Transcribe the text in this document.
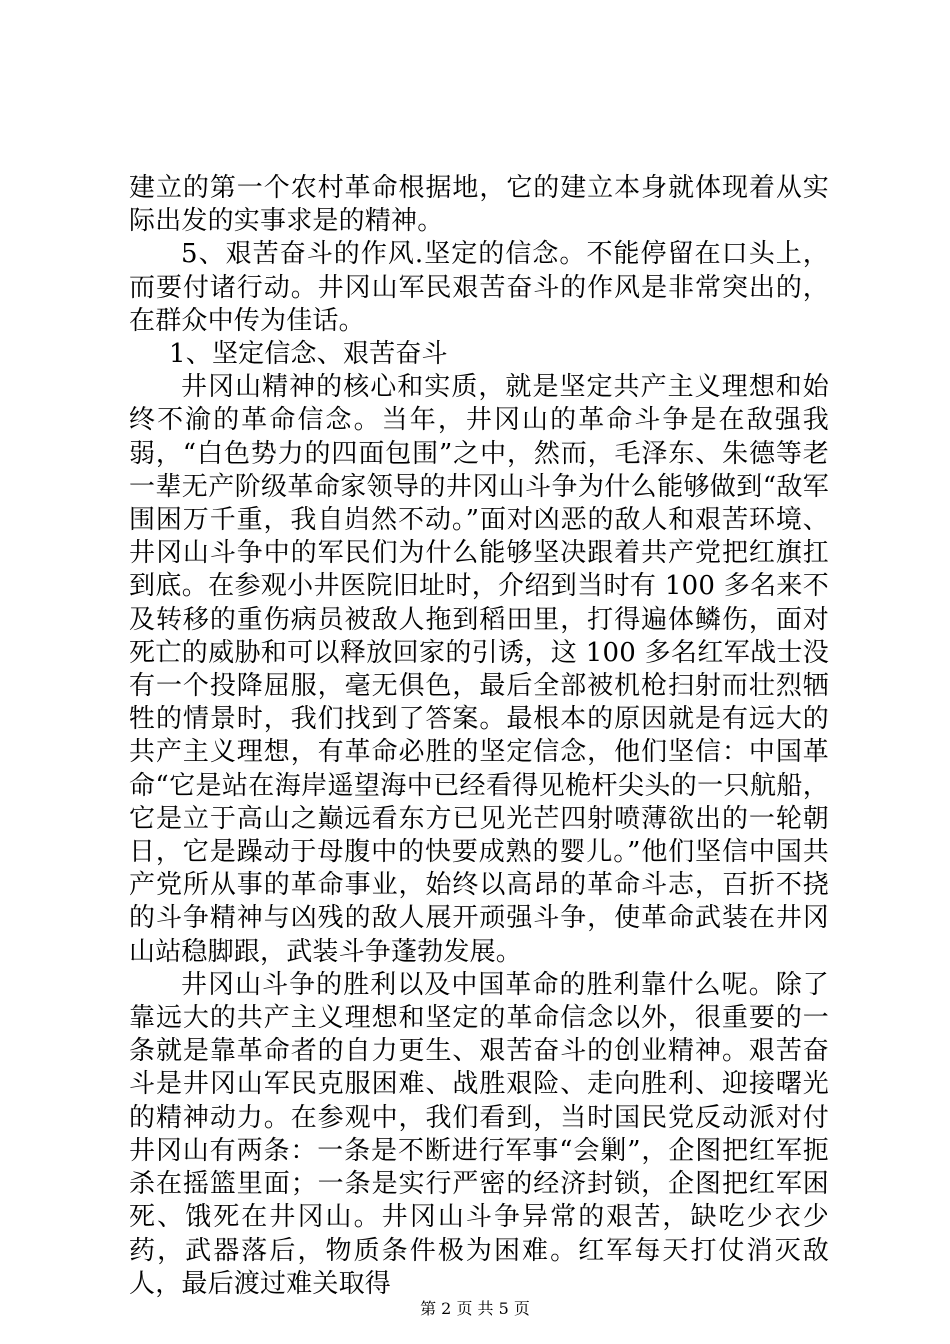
建立的第一个农村革命根据地，它的建立本身就体现着从实际出发的实事求是的精神。

5、艰苦奋斗的作风.坚定的信念。不能停留在口头上，而要付诸行动。井冈山军民艰苦奋斗的作风是非常突出的，在群众中传为佳话。

1、坚定信念、艰苦奋斗

井冈山精神的核心和实质，就是坚定共产主义理想和始终不渝的革命信念。当年，井冈山的革命斗争是在敌强我弱，“白色势力的四面包围”之中，然而，毛泽东、朱德等老一辈无产阶级革命家领导的井冈山斗争为什么能够做到“敌军围困万千重，我自岿然不动。”面对凶恶的敌人和艰苦环境、井冈山斗争中的军民们为什么能够坚决跟着共产党把红旗扛到底。在参观小井医院旧址时，介绍到当时有 100 多名来不及转移的重伤病员被敌人拖到稻田里，打得遍体鳞伤，面对死亡的威胁和可以释放回家的引诱，这 100 多名红军战士没有一个投降屈服，毫无俱色，最后全部被机枪扫射而壮烈牺牲的情景时，我们找到了答案。最根本的原因就是有远大的共产主义理想，有革命必胜的坚定信念，他们坚信：中国革命“它是站在海岸遥望海中已经看得见桅杆尖头的一只航船，它是立于高山之巅远看东方已见光芒四射喷薄欲出的一轮朝日，它是躁动于母腹中的快要成熟的婴儿。”他们坚信中国共产党所从事的革命事业，始终以高昂的革命斗志，百折不挠的斗争精神与凶残的敌人展开顽强斗争，使革命武装在井冈山站稳脚跟，武装斗争蓬勃发展。

井冈山斗争的胜利以及中国革命的胜利靠什么呢。除了靠远大的共产主义理想和坚定的革命信念以外，很重要的一条就是靠革命者的自力更生、艰苦奋斗的创业精神。艰苦奋斗是井冈山军民克服困难、战胜艰险、走向胜利、迎接曙光的精神动力。在参观中，我们看到，当时国民党反动派对付井冈山有两条：一条是不断进行军事“会剿”，企图把红军扼杀在摇篮里面；一条是实行严密的经济封锁，企图把红军困死、饿死在井冈山。井冈山斗争异常的艰苦，缺吃少衣少药，武器落后，物质条件极为困难。红军每天打仗消灭敌人，最后渡过难关取得

第 2 页 共 5 页
